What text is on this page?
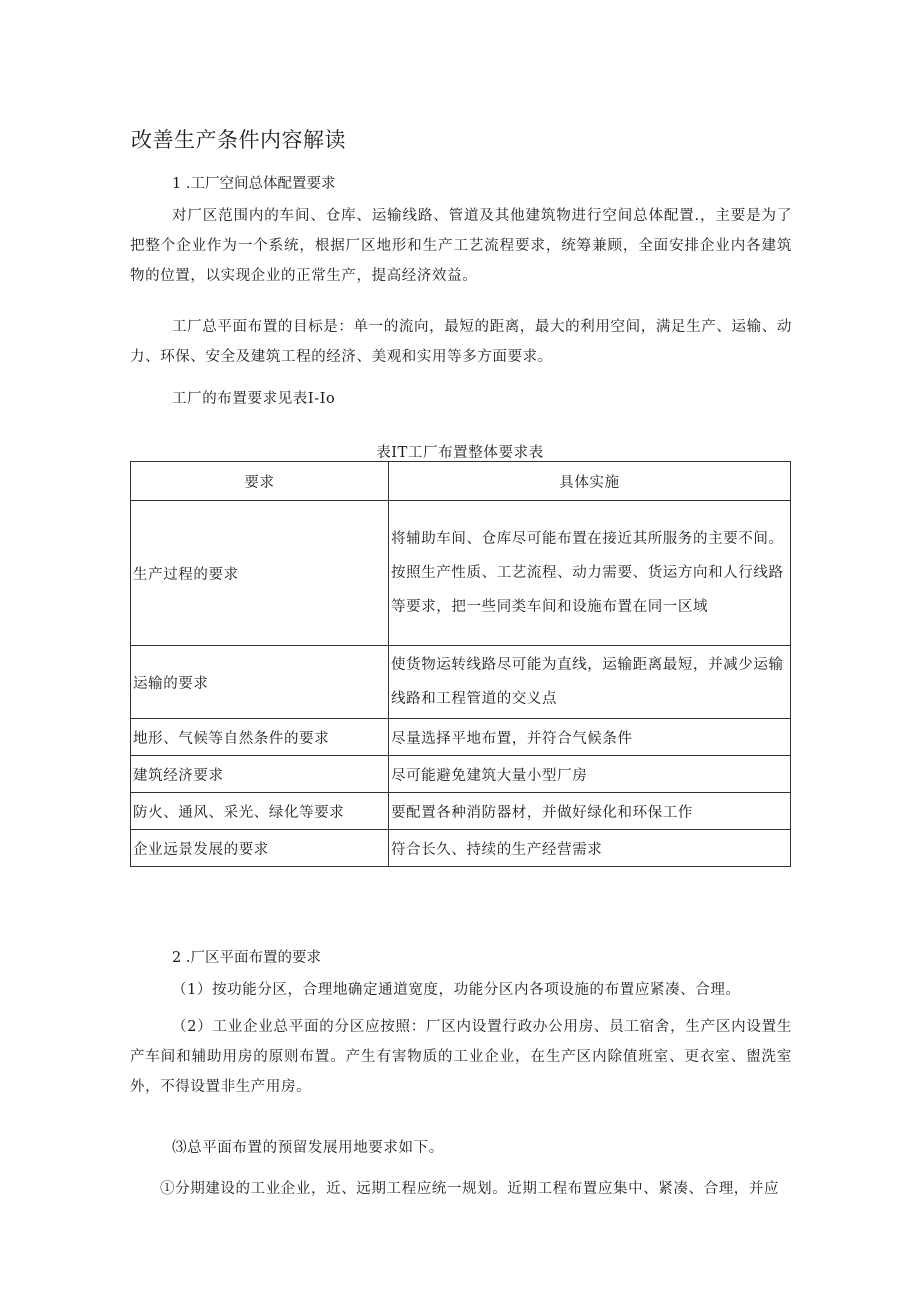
改善生产条件内容解读

1 .工厂空间总体配置要求

对厂区范围内的车间、仓库、运输线路、管道及其他建筑物进行空间总体配置.，主要是为了把整个企业作为一个系统，根据厂区地形和生产工艺流程要求，统筹兼顾，全面安排企业内各建筑物的位置，以实现企业的正常生产，提高经济效益。

工厂总平面布置的目标是：单一的流向，最短的距离，最大的利用空间，满足生产、运输、动力、环保、安全及建筑工程的经济、美观和实用等多方面要求。

工厂的布置要求见表I-Io

表IT工厂布置整体要求表

要求	具体实施
生产过程的要求	将辅助车间、仓库尽可能布置在接近其所服务的主要不间。按照生产性质、工艺流程、动力需要、货运方向和人行线路等要求，把一些同类车间和设施布置在同一区域
运输的要求	使货物运转线路尽可能为直线，运输距离最短，并减少运输线路和工程管道的交义点
地形、气候等自然条件的要求	尽量选择平地布置，并符合气候条件
建筑经济要求	尽可能避免建筑大量小型厂房
防火、通风、采光、绿化等要求	要配置各种消防器材，并做好绿化和环保工作
企业远景发展的要求	符合长久、持续的生产经营需求

2 .厂区平面布置的要求

（1）按功能分区，合理地确定通道宽度，功能分区内各项设施的布置应紧凑、合理。

（2）工业企业总平面的分区应按照：厂区内设置行政办公用房、员工宿舍，生产区内设置生产车间和辅助用房的原则布置。产生有害物质的工业企业，在生产区内除值班室、更衣室、盥洗室外，不得设置非生产用房。

⑶总平面布置的预留发展用地要求如下。

①分期建设的工业企业，近、远期工程应统一规划。近期工程布置应集中、紧凑、合理，并应
